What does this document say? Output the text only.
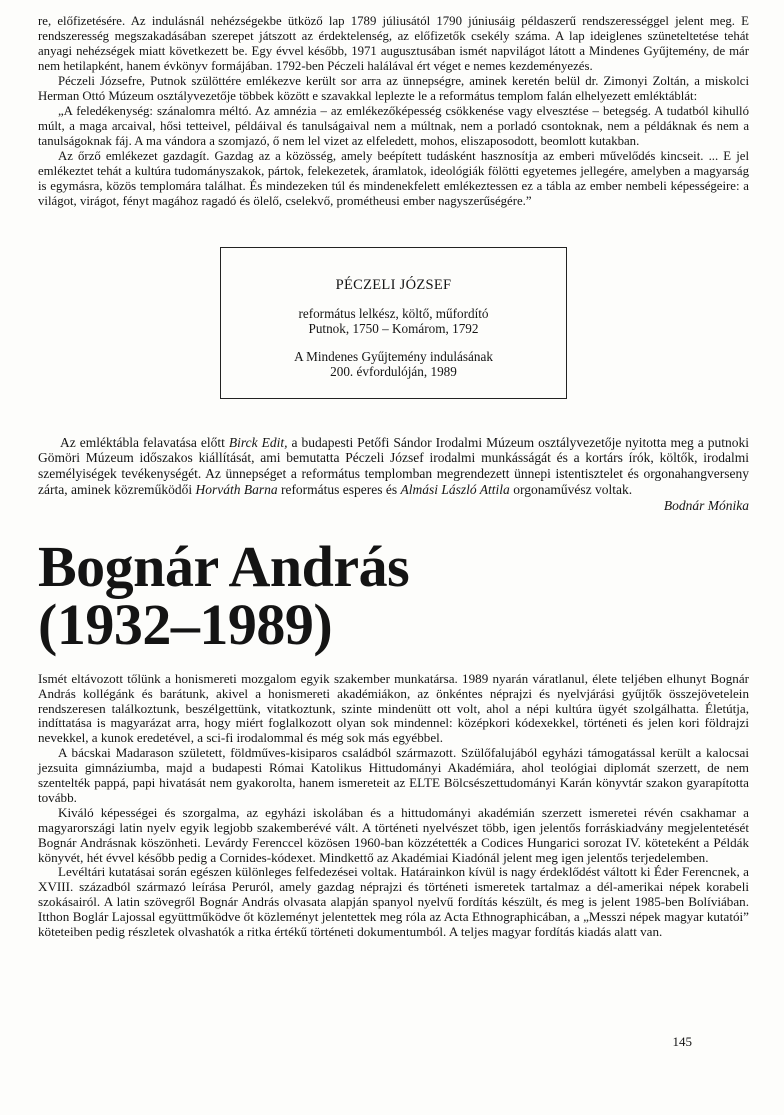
re, előfizetésére. Az indulásnál nehézségekbe ütköző lap 1789 júliusától 1790 júniusáig példaszerű rendszerességgel jelent meg. E rendszeresség megszakadásában szerepet játszott az érdektelenség, az előfizetők csekély száma. A lap ideiglenes szüneteltetése tehát anyagi nehézségek miatt következett be. Egy évvel később, 1971 augusztusában ismét napvilágot látott a Mindenes Gyűjtemény, de már nem hetilapként, hanem évkönyv formájában. 1792-ben Péczeli halálával ért véget e nemes kezdeményezés.

Péczeli Józsefre, Putnok szülöttére emlékezve került sor arra az ünnepségre, aminek keretén belül dr. Zimonyi Zoltán, a miskolci Herman Ottó Múzeum osztályvezetője többek között e szavakkal leplezte le a református templom falán elhelyezett emléktáblát:

„A feledékenység: szánalomra méltó. Az amnézia – az emlékezőképesség csökkenése vagy elvesztése – betegség. A tudatból kihulló múlt, a maga arcaival, hősi tetteivel, példáival és tanulságaival nem a múltnak, nem a porladó csontoknak, nem a példáknak és nem a tanulságoknak fáj. A ma vándora a szomjazó, ő nem lel vizet az elfeledett, mohos, eliszaposodott, beomlott kutakban.

Az őrző emlékezet gazdagít. Gazdag az a közösség, amely beépített tudásként hasznosítja az emberi művelődés kincseit. ... E jel emlékeztet tehát a kultúra tudományszakok, pártok, felekezetek, áramlatok, ideológiák fölötti egyetemes jellegére, amelyben a magyarság is egymásra, közös templomára találhat. És mindezeken túl és mindenekfelett emlékeztessen ez a tábla az ember nembeli képességeire: a világot, virágot, fényt magához ragadó és ölelő, cselekvő, prométheusi ember nagyszerűségére.”

PÉCZELI JÓZSEF
református lelkész, költő, műfordító
Putnok, 1750 – Komárom, 1792
A Mindenes Gyűjtemény indulásának
200. évfordulóján, 1989

Az emléktábla felavatása előtt Birck Edit, a budapesti Petőfi Sándor Irodalmi Múzeum osztályvezetője nyitotta meg a putnoki Gömöri Múzeum időszakos kiállítását, ami bemutatta Péczeli József irodalmi munkásságát és a kortárs írók, költők, irodalmi személyiségek tevékenységét. Az ünnepséget a református templomban megrendezett ünnepi istentisztelet és orgonahangverseny zárta, aminek közreműködői Horváth Barna református esperes és Almási László Attila orgonaművész voltak.

Bodnár Mónika
Bognár András
(1932–1989)

Ismét eltávozott tőlünk a honismereti mozgalom egyik szakember munkatársa. 1989 nyarán váratlanul, élete teljében elhunyt Bognár András kollégánk és barátunk, akivel a honismereti akadémiákon, az önkéntes néprajzi és nyelvjárási gyűjtők összejövetelein rendszeresen találkoztunk, beszélgettünk, vitatkoztunk, szinte mindenütt ott volt, ahol a népi kultúra ügyét szolgálhatta. Életútja, indíttatása is magyarázat arra, hogy miért foglalkozott olyan sok mindennel: középkori kódexekkel, történeti és jelen kori földrajzi nevekkel, a kunok eredetével, a sci-fi irodalommal és még sok más egyébbel.

A bácskai Madarason született, földműves-kisiparos családból származott. Szülőfalujából egyházi támogatással került a kalocsai jezsuita gimnáziumba, majd a budapesti Római Katolikus Hittudományi Akadémiára, ahol teológiai diplomát szerzett, de nem szentelték pappá, papi hivatását nem gyakorolta, hanem ismereteit az ELTE Bölcsészettudományi Karán könyvtár szakon gyarapította tovább.

Kiváló képességei és szorgalma, az egyházi iskolában és a hittudományi akadémián szerzett ismeretei révén csakhamar a magyarországi latin nyelv egyik legjobb szakemberévé vált. A történeti nyelvészet több, igen jelentős forráskiadvány megjelentetését Bognár Andrásnak köszönheti. Levárdy Ferenccel közösen 1960-ban közzétették a Codices Hungarici sorozat IV. köteteként a Példák könyvét, hét évvel később pedig a Cornides-kódexet. Mindkettő az Akadémiai Kiadónál jelent meg igen jelentős terjedelemben.

Levéltári kutatásai során egészen különleges felfedezései voltak. Határainkon kívül is nagy érdeklődést váltott ki Éder Ferencnek, a XVIII. századból származó leírása Peruról, amely gazdag néprajzi és történeti ismeretek tartalmaz a dél-amerikai népek korabeli szokásairól. A latin szövegről Bognár András olvasata alapján spanyol nyelvű fordítás készült, és meg is jelent 1985-ben Bolíviában. Itthon Boglár Lajossal együttműködve őt közleményt jelentettek meg róla az Acta Ethnographicában, a „Messzi népek magyar kutatói” köteteiben pedig részletek olvashatók a ritka értékű történeti dokumentumból. A teljes magyar fordítás kiadás alatt van.

145
